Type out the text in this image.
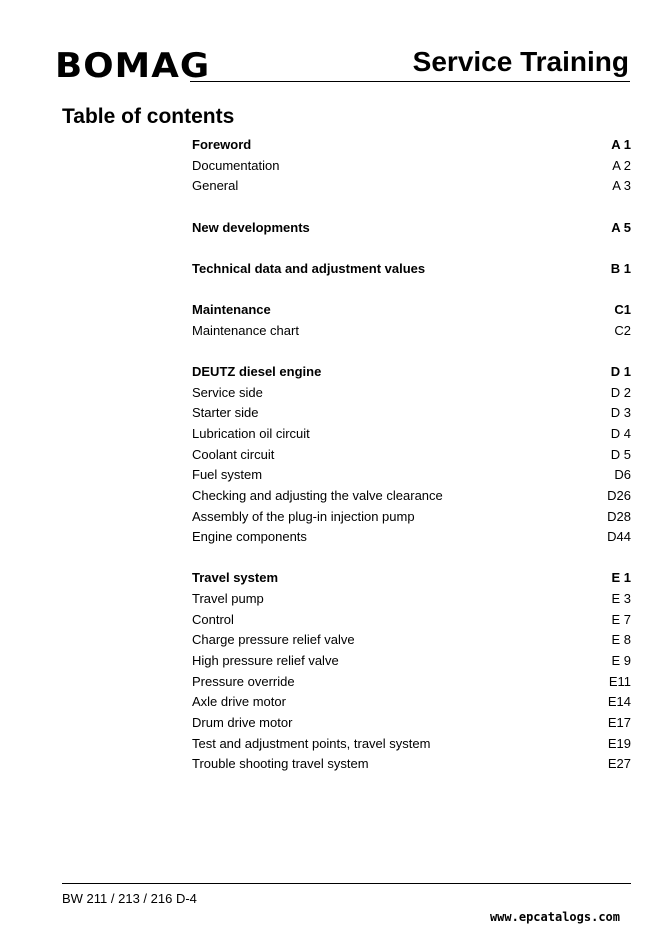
BOMAG	Service Training
Table of contents
Foreword	A 1
Documentation	A 2
General	A 3
New developments	A 5
Technical data and adjustment values	B 1
Maintenance	C1
Maintenance chart	C2
DEUTZ diesel engine	D 1
Service side	D 2
Starter side	D 3
Lubrication oil circuit	D 4
Coolant circuit	D 5
Fuel system	D6
Checking and adjusting the valve clearance	D26
Assembly of the plug-in injection pump	D28
Engine components	D44
Travel system	E 1
Travel pump	E 3
Control	E 7
Charge pressure relief valve	E 8
High pressure relief valve	E 9
Pressure override	E11
Axle drive motor	E14
Drum drive motor	E17
Test and adjustment points, travel system	E19
Trouble shooting travel system	E27
BW 211 / 213 / 216 D-4
www.epcatalogs.com
